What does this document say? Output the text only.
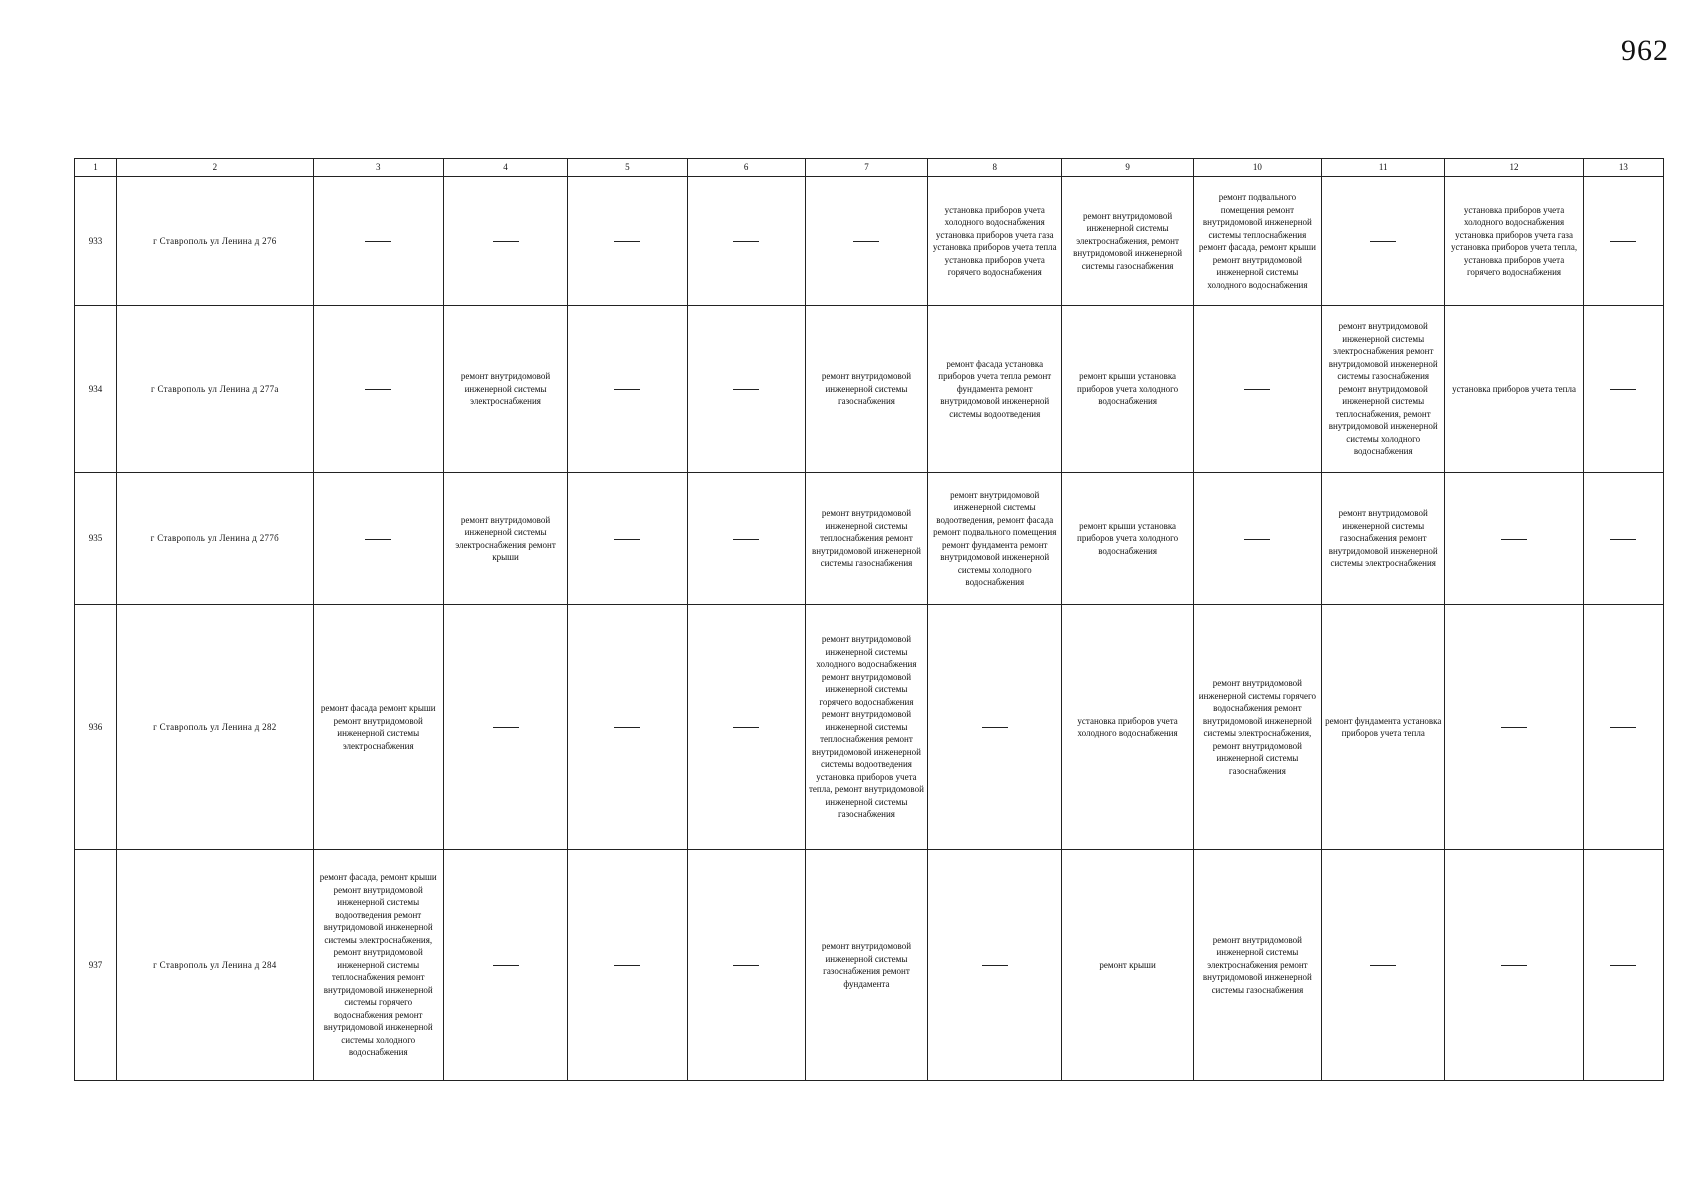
962
1	2	3	4	5	6	7	8	9	10	11	12	13
933	г Ставрополь ул Ленина д 276						установка приборов учета холодного водоснабжения установка приборов учета газа установка приборов учета тепла установка приборов учета горячего водоснабжения	ремонт внутридомовой инженерной системы электроснабжения, ремонт внутридомовой инженерной системы газоснабжения	ремонт подвального помещения ремонт внутридомовой инженерной системы теплоснабжения ремонт фасада, ремонт крыши ремонт внутридомовой инженерной системы холодного водоснабжения		установка приборов учета холодного водоснабжения установка приборов учета газа установка приборов учета тепла, установка приборов учета горячего водоснабжения	
934	г Ставрополь ул Ленина д 277а		ремонт внутридомовой инженерной системы электроснабжения			ремонт внутридомовой инженерной системы газоснабжения	ремонт фасада установка приборов учета тепла ремонт фундамента ремонт внутридомовой инженерной системы водоотведения	ремонт крыши установка приборов учета холодного водоснабжения		ремонт внутридомовой инженерной системы электроснабжения ремонт внутридомовой инженерной системы газоснабжения ремонт внутридомовой инженерной системы теплоснабжения, ремонт внутридомовой инженерной системы холодного водоснабжения	установка приборов учета тепла	
935	г Ставрополь ул Ленина д 277б		ремонт внутридомовой инженерной системы электроснабжения ремонт крыши			ремонт внутридомовой инженерной системы теплоснабжения ремонт внутридомовой инженерной системы газоснабжения	ремонт внутридомовой инженерной системы водоотведения, ремонт фасада ремонт подвального помещения ремонт фундамента ремонт внутридомовой инженерной системы холодного водоснабжения	ремонт крыши установка приборов учета холодного водоснабжения		ремонт внутридомовой инженерной системы газоснабжения ремонт внутридомовой инженерной системы электроснабжения		
936	г Ставрополь ул Ленина д 282	ремонт фасада ремонт крыши ремонт внутридомовой инженерной системы электроснабжения				ремонт внутридомовой инженерной системы холодного водоснабжения ремонт внутридомовой инженерной системы горячего водоснабжения ремонт внутридомовой инженерной системы теплоснабжения ремонт внутридомовой инженерной системы водоотведения установка приборов учета тепла, ремонт внутридомовой инженерной системы газоснабжения		установка приборов учета холодного водоснабжения	ремонт внутридомовой инженерной системы горячего водоснабжения ремонт внутридомовой инженерной системы электроснабжения, ремонт внутридомовой инженерной системы газоснабжения	ремонт фундамента установка приборов учета тепла		
937	г Ставрополь ул Ленина д 284	ремонт фасада, ремонт крыши ремонт внутридомовой инженерной системы водоотведения ремонт внутридомовой инженерной системы электроснабжения, ремонт внутридомовой инженерной системы теплоснабжения ремонт внутридомовой инженерной системы горячего водоснабжения ремонт внутридомовой инженерной системы холодного водоснабжения				ремонт внутридомовой инженерной системы газоснабжения ремонт фундамента		ремонт крыши	ремонт внутридомовой инженерной системы электроснабжения ремонт внутридомовой инженерной системы газоснабжения			
